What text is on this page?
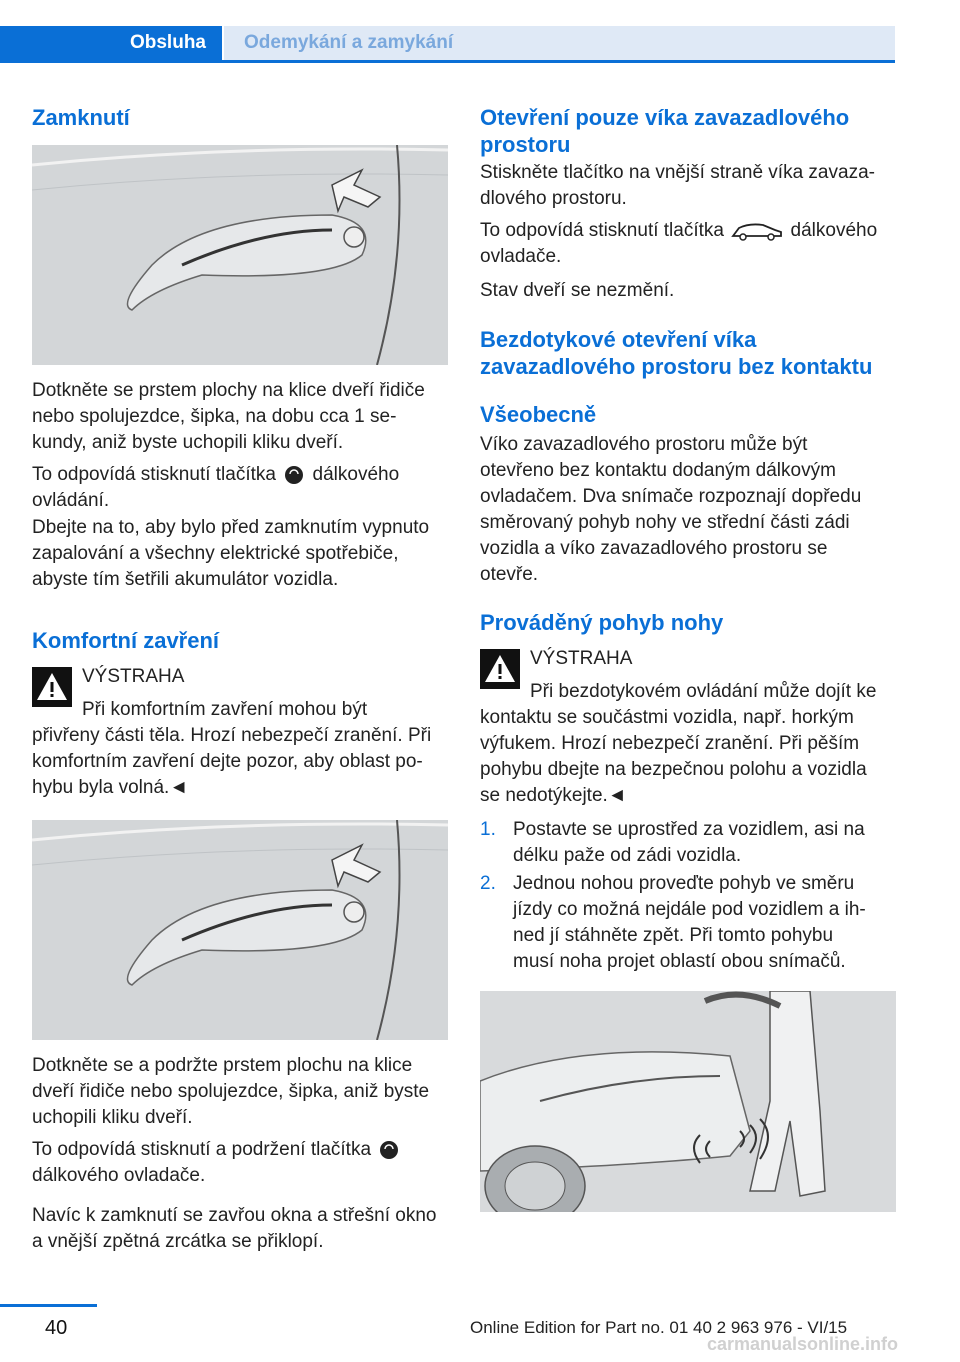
Obsluha	Odemykání a zamykání
Zamknutí

Dotkněte se prstem plochy na klice dveří řidiče

nebo spolujezdce, šipka, na dobu cca 1 se‐

kundy, aniž byste uchopili kliku dveří.

To odpovídá stisknutí tlačítka dálkového

ovládání.

Dbejte na to, aby bylo před zamknutím vypnuto

zapalování a všechny elektrické spotřebiče,

abyste tím šetřili akumulátor vozidla.

Komfortní zavření

VÝSTRAHA

Při komfortním zavření mohou být

přivřeny části těla. Hrozí nebezpečí zranění. Při

komfortním zavření dejte pozor, aby oblast po‐

hybu byla volná.◄

Dotkněte se a podržte prstem plochu na klice

dveří řidiče nebo spolujezdce, šipka, aniž byste

uchopili kliku dveří.

To odpovídá stisknutí a podržení tlačítka

dálkového ovladače.

Navíc k zamknutí se zavřou okna a střešní okno

a vnější zpětná zrcátka se přiklopí.

Otevření pouze víka zavazadlového
prostoru

Stiskněte tlačítko na vnější straně víka zavaza‐

dlového prostoru.

To odpovídá stisknutí tlačítka	dálkového

ovladače.

Stav dveří se nezmění.

Bezdotykové otevření víka
zavazadlového prostoru bez kontaktu
Všeobecně

Víko zavazadlového prostoru může být

otevřeno bez kontaktu dodaným dálkovým

ovladačem. Dva snímače rozpoznají dopředu

směrovaný pohyb nohy ve střední části zádi

vozidla a víko zavazadlového prostoru se

otevře.

Prováděný pohyb nohy

VÝSTRAHA

Při bezdotykovém ovládání může dojít ke

kontaktu se součástmi vozidla, např. horkým

výfukem. Hrozí nebezpečí zranění. Při pěším

pohybu dbejte na bezpečnou polohu a vozidla

se nedotýkejte.◄

1. Postavte se uprostřed za vozidlem, asi na

délku paže od zádi vozidla.

2. Jednou nohou proveďte pohyb ve směru

jízdy co možná nejdále pod vozidlem a ih‐

ned jí stáhněte zpět. Při tomto pohybu

musí noha projet oblastí obou snímačů.

40	Online Edition for Part no. 01 40 2 963 976 - VI/15
carmanualsonline.info
